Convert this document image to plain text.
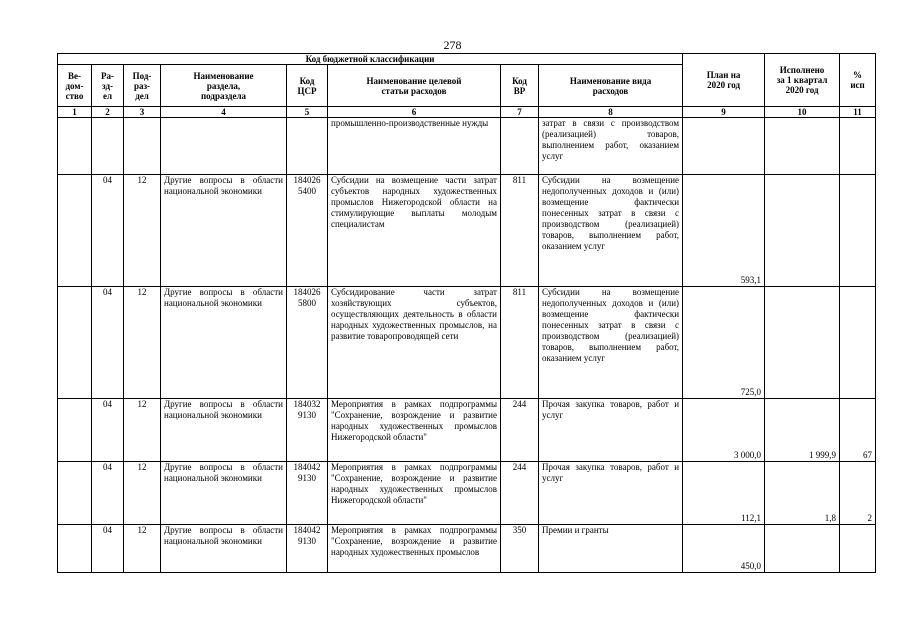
278
Код бюджетной классификации								План на
2020 год	Исполнено
за 1 квартал
2020 год	%
исп
Ве-
дом-
ство	Ра-
зд-
ел	Под-
раз-
дел	Наименование
раздела,
подраздела	Код
ЦСР	Наименование целевой
статьи расходов	Код
ВР	Наименование вида
расходов			
1	2	3	4	5	6	7	8	9	10	11
					промышленно-производственные нужды		затрат в связи с производством (реализацией) товаров, выполнением работ, оказанием услуг			
	04	12	Другие вопросы в области национальной экономики	184026
5400	Субсидии на возмещение части затрат субъектов народных художественных промыслов Нижегородской области на стимулирующие выплаты молодым специалистам	811	Субсидии на возмещение недополученных доходов и (или) возмещение фактически понесенных затрат в связи с производством (реализацией) товаров, выполнением работ, оказанием услуг	593,1		
	04	12	Другие вопросы в области национальной экономики	184026
5800	Субсидирование части затрат хозяйствующих субъектов, осуществляющих деятельность в области народных художественных промыслов, на развитие товаропроводящей сети	811	Субсидии на возмещение недополученных доходов и (или) возмещение фактически понесенных затрат в связи с производством (реализацией) товаров, выполнением работ, оказанием услуг	725,0		
	04	12	Другие вопросы в области национальной экономики	184032
9130	Мероприятия в рамках подпрограммы "Сохранение, возрождение и развитие народных художественных промыслов Нижегородской области"	244	Прочая закупка товаров, работ и услуг	3 000,0	1 999,9	67
	04	12	Другие вопросы в области национальной экономики	184042
9130	Мероприятия в рамках подпрограммы "Сохранение, возрождение и развитие народных художественных промыслов Нижегородской области"	244	Прочая закупка товаров, работ и услуг	112,1	1,8	2
	04	12	Другие вопросы в области национальной экономики	184042
9130	Мероприятия в рамках подпрограммы "Сохранение, возрождение и развитие народных художественных промыслов	350	Премии и гранты	450,0		
